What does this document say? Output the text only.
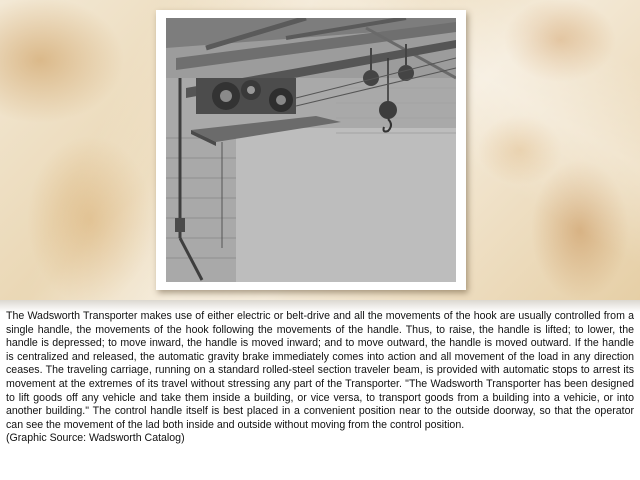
The Wadsworth Transporter makes use of either electric or belt-drive and all the movements of the hook are usually controlled from a single handle, the movements of the hook following the movements of the handle. Thus, to raise, the handle is lifted; to lower, the handle is depressed; to move inward, the handle is moved inward; and to move outward, the handle is moved outward. If the handle is centralized and released, the automatic gravity brake immediately comes into action and all movement of the load in any direction ceases. The traveling carriage, running on a standard rolled-steel section traveler beam, is provided with automatic stops to arrest its movement at the extremes of its travel without stressing any part of the Transporter. "The Wadsworth Transporter has been designed to lift goods off any vehicle and take them inside a building, or vice versa, to transport goods from a building into a vehicie, or into another building." The control handle itself is best placed in a convenient position near to the outside doorway, so that the operator can see the movement of the lad both inside and outside without moving from the control position.
(Graphic Source: Wadsworth Catalog)
